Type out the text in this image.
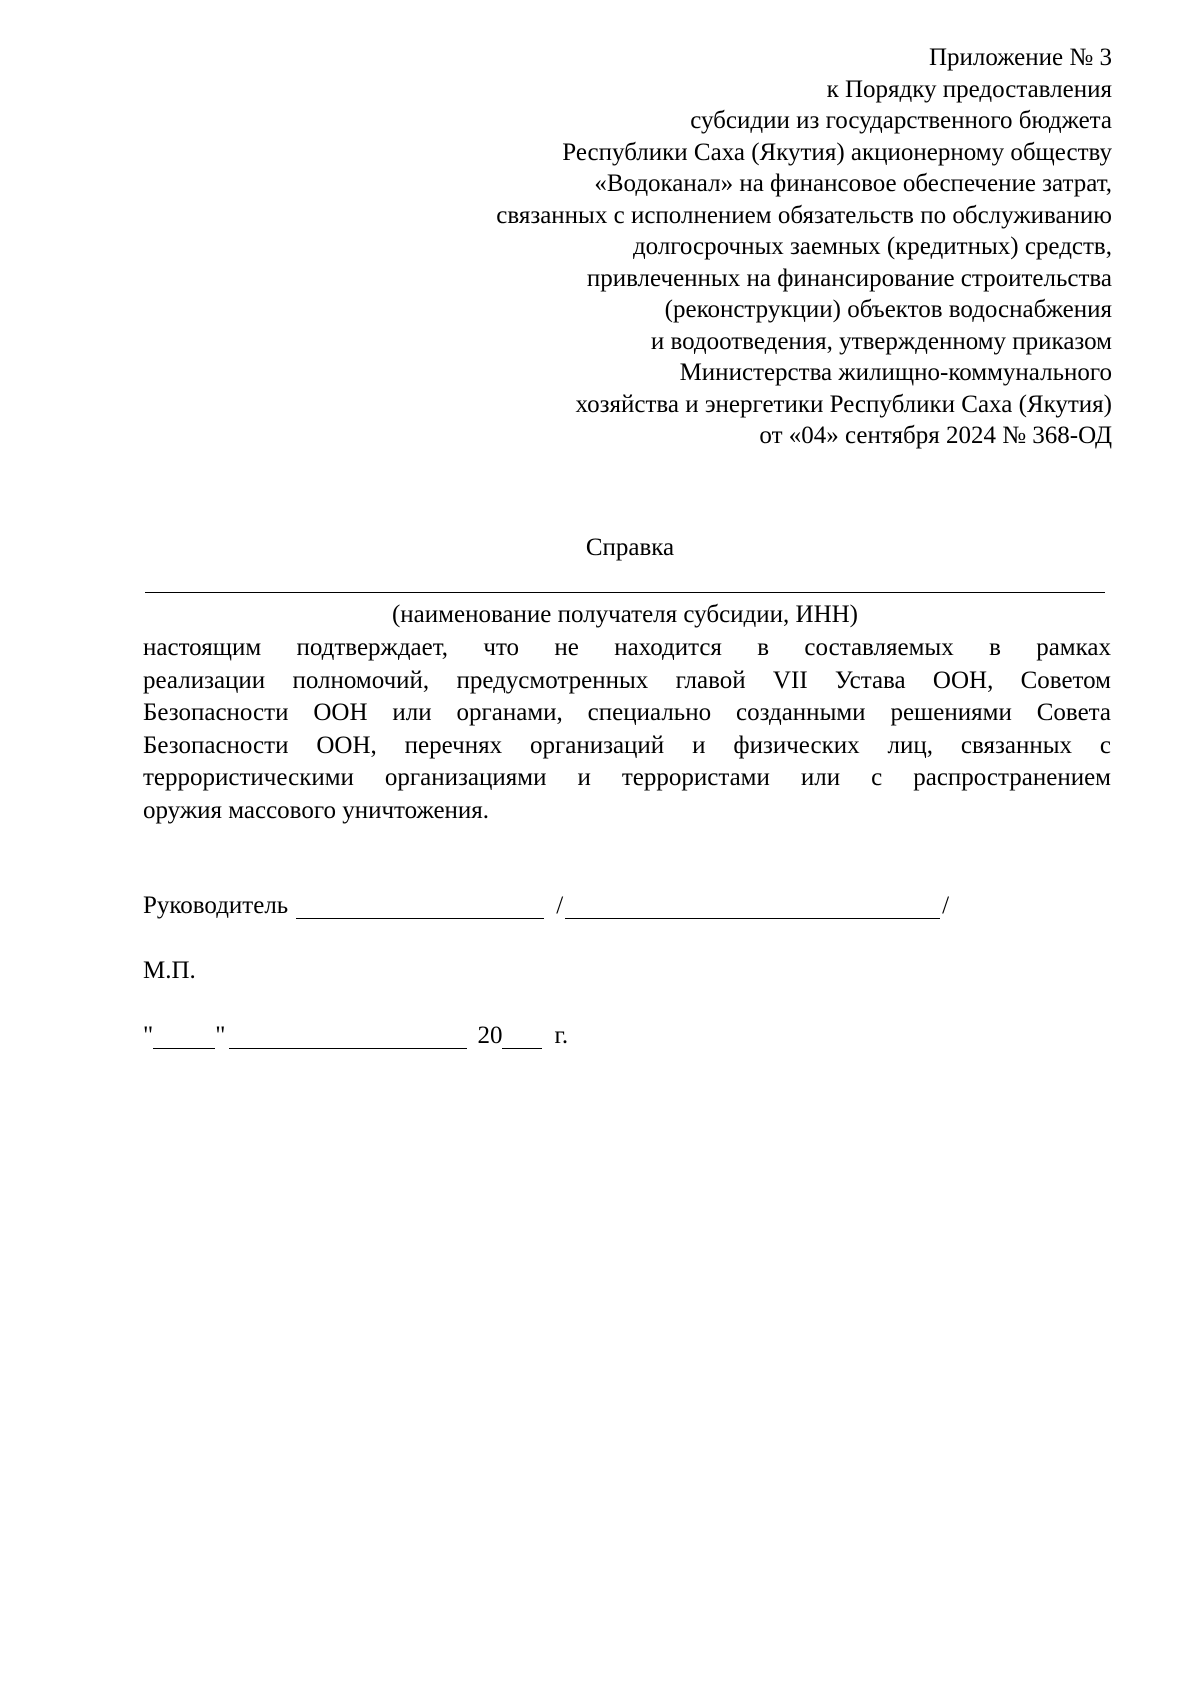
Приложение № 3
к Порядку предоставления
субсидии из государственного бюджета
Республики Саха (Якутия) акционерному обществу
«Водоканал» на финансовое обеспечение затрат,
связанных с исполнением обязательств по обслуживанию
долгосрочных заемных (кредитных) средств,
привлеченных на финансирование строительства
(реконструкции) объектов водоснабжения
и водоотведения, утвержденному приказом
Министерства жилищно-коммунального
хозяйства и энергетики Республики Саха (Якутия)
от «04» сентября 2024 № 368-ОД
Справка
(наименование получателя субсидии, ИНН)
настоящим подтверждает, что не находится в составляемых в рамках
реализации полномочий, предусмотренных главой VII Устава ООН, Советом
Безопасности ООН или органами, специально созданными решениями Совета
Безопасности ООН, перечнях организаций и физических лиц, связанных с
террористическими организациями и террористами или с распространением
оружия массового уничтожения.
Руководитель	/	/
М.П.
" "	20 г.
